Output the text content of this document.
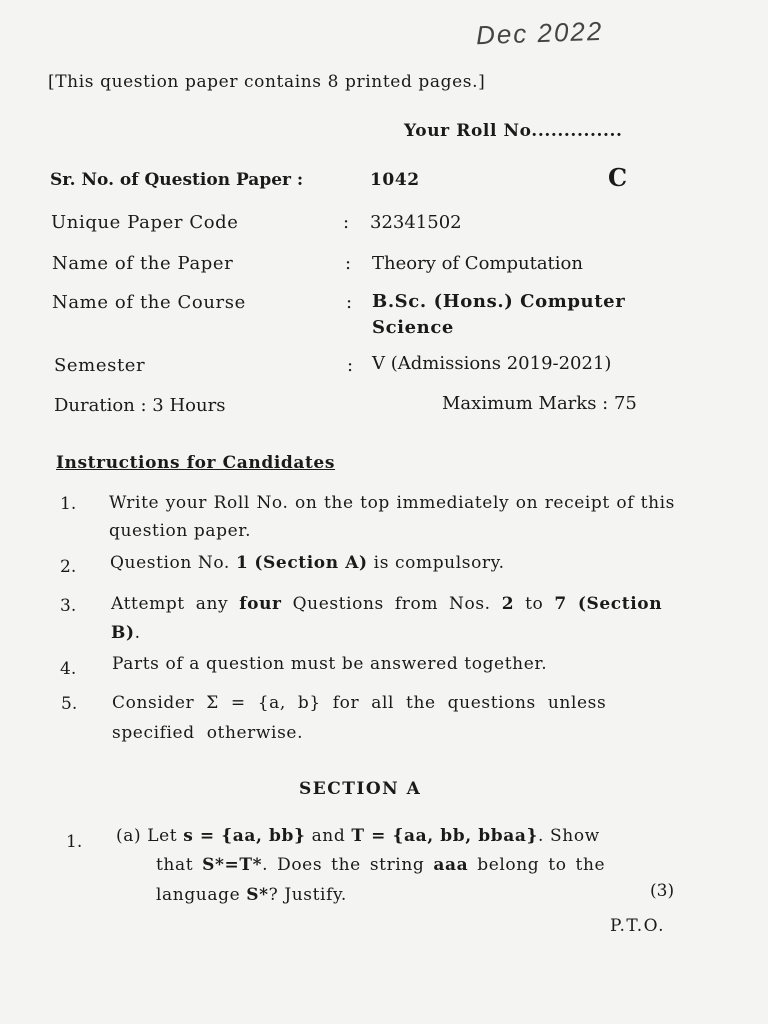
Dec 2022
[This question paper contains 8 printed pages.]
Your Roll No..............
Sr. No. of Question Paper :	1042	C
Unique Paper Code	: 32341502
Name of the Paper	: Theory of Computation
Name of the Course	: B.Sc. (Hons.) Computer
Science
Semester	: V (Admissions 2019-2021)
Duration : 3 Hours	Maximum Marks : 75
Instructions for Candidates
1. Write your Roll No. on the top immediately on receipt of this question paper.
2. Question No. 1 (Section A) is compulsory.
3. Attempt any four Questions from Nos. 2 to 7 (Section B).
4. Parts of a question must be answered together.
5. Consider Σ = {a, b} for all the questions unless specified otherwise.
SECTION A
1. (a) Let s = {aa, bb} and T = {aa, bb, bbaa}. Show
that S*=T*. Does the string aaa belong to the
language S*? Justify.	(3)
P.T.O.
